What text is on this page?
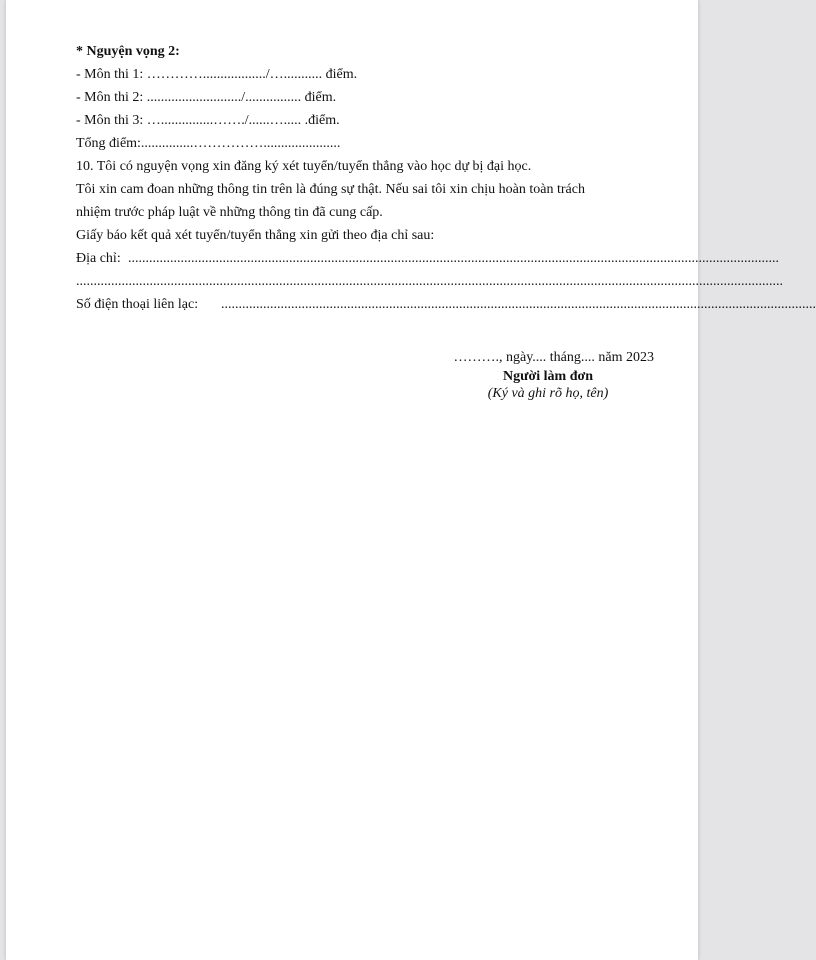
* Nguyện vọng 2:
- Môn thi 1: …………................../…........... điểm.
- Môn thi 2: .........................../................ điểm.
- Môn thi 3: …...............……./......…..... .điểm.
Tổng điểm:...............……………......................
10. Tôi có nguyện vọng xin đăng ký xét tuyển/tuyển thẳng vào học dự bị đại học.
Tôi xin cam đoan những thông tin trên là đúng sự thật. Nếu sai tôi xin chịu hoàn toàn trách
nhiệm trước pháp luật về những thông tin đã cung cấp.
Giấy báo kết quả xét tuyển/tuyển thẳng xin gửi theo địa chỉ sau:
Địa chỉ: ..........................................................................................................................................................................................
..........................................................................................................................................................................................................
Số điện thoại liên lạc: ..........................................................................................................................................................................
………., ngày.... tháng.... năm 2023
Người làm đơn
(Ký và ghi rõ họ, tên)
